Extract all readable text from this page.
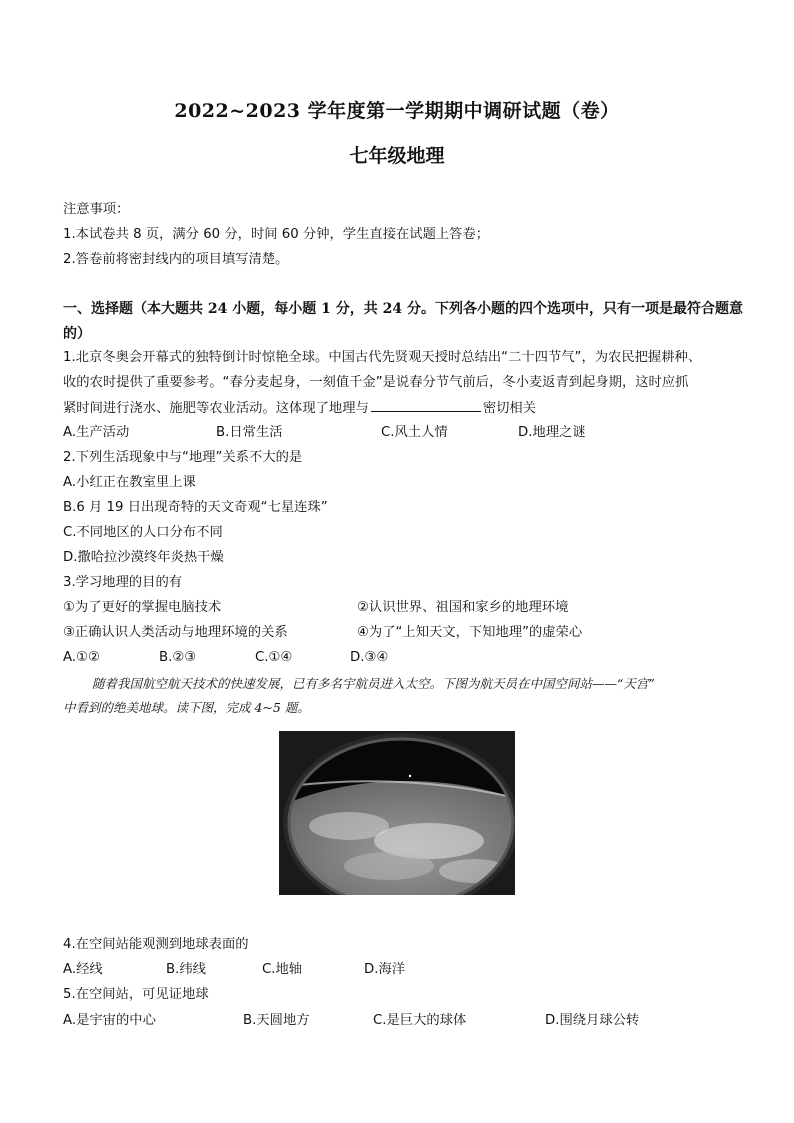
2022~2023 学年度第一学期期中调研试题（卷）
七年级地理
注意事项：
1.本试卷共 8 页，满分 60 分，时间 60 分钟，学生直接在试题上答卷；
2.答卷前将密封线内的项目填写清楚。
一、选择题（本大题共 24 小题，每小题 1 分，共 24 分。下列各小题的四个选项中，只有一项是最符合题意
的）
1.北京冬奥会开幕式的独特倒计时惊艳全球。中国古代先贤观天授时总结出“二十四节气”，为农民把握耕种、
收的农时提供了重要参考。“春分麦起身，一刻值千金”是说春分节气前后，冬小麦返青到起身期，这时应抓
紧时间进行浇水、施肥等农业活动。这体现了地理与	密切相关
A.生产活动	B.日常生活	C.风土人情	D.地理之谜
2.下列生活现象中与“地理”关系不大的是
A.小红正在教室里上课
B.6 月 19 日出现奇特的天文奇观“七星连珠”
C.不同地区的人口分布不同
D.撒哈拉沙漠终年炎热干燥
3.学习地理的目的有
①为了更好的掌握电脑技术	②认识世界、祖国和家乡的地理环境
③正确认识人类活动与地理环境的关系	④为了“上知天文，下知地理”的虚荣心
A.①②	B.②③	C.①④	D.③④
随着我国航空航天技术的快速发展，已有多名宇航员进入太空。下图为航天员在中国空间站——“天宫”
中看到的绝美地球。读下图，完成 4~5 题。
4.在空间站能观测到地球表面的
A.经线	B.纬线	C.地轴	D.海洋
5.在空间站，可见证地球
A.是宇宙的中心	B.天圆地方	C.是巨大的球体	D.围绕月球公转
